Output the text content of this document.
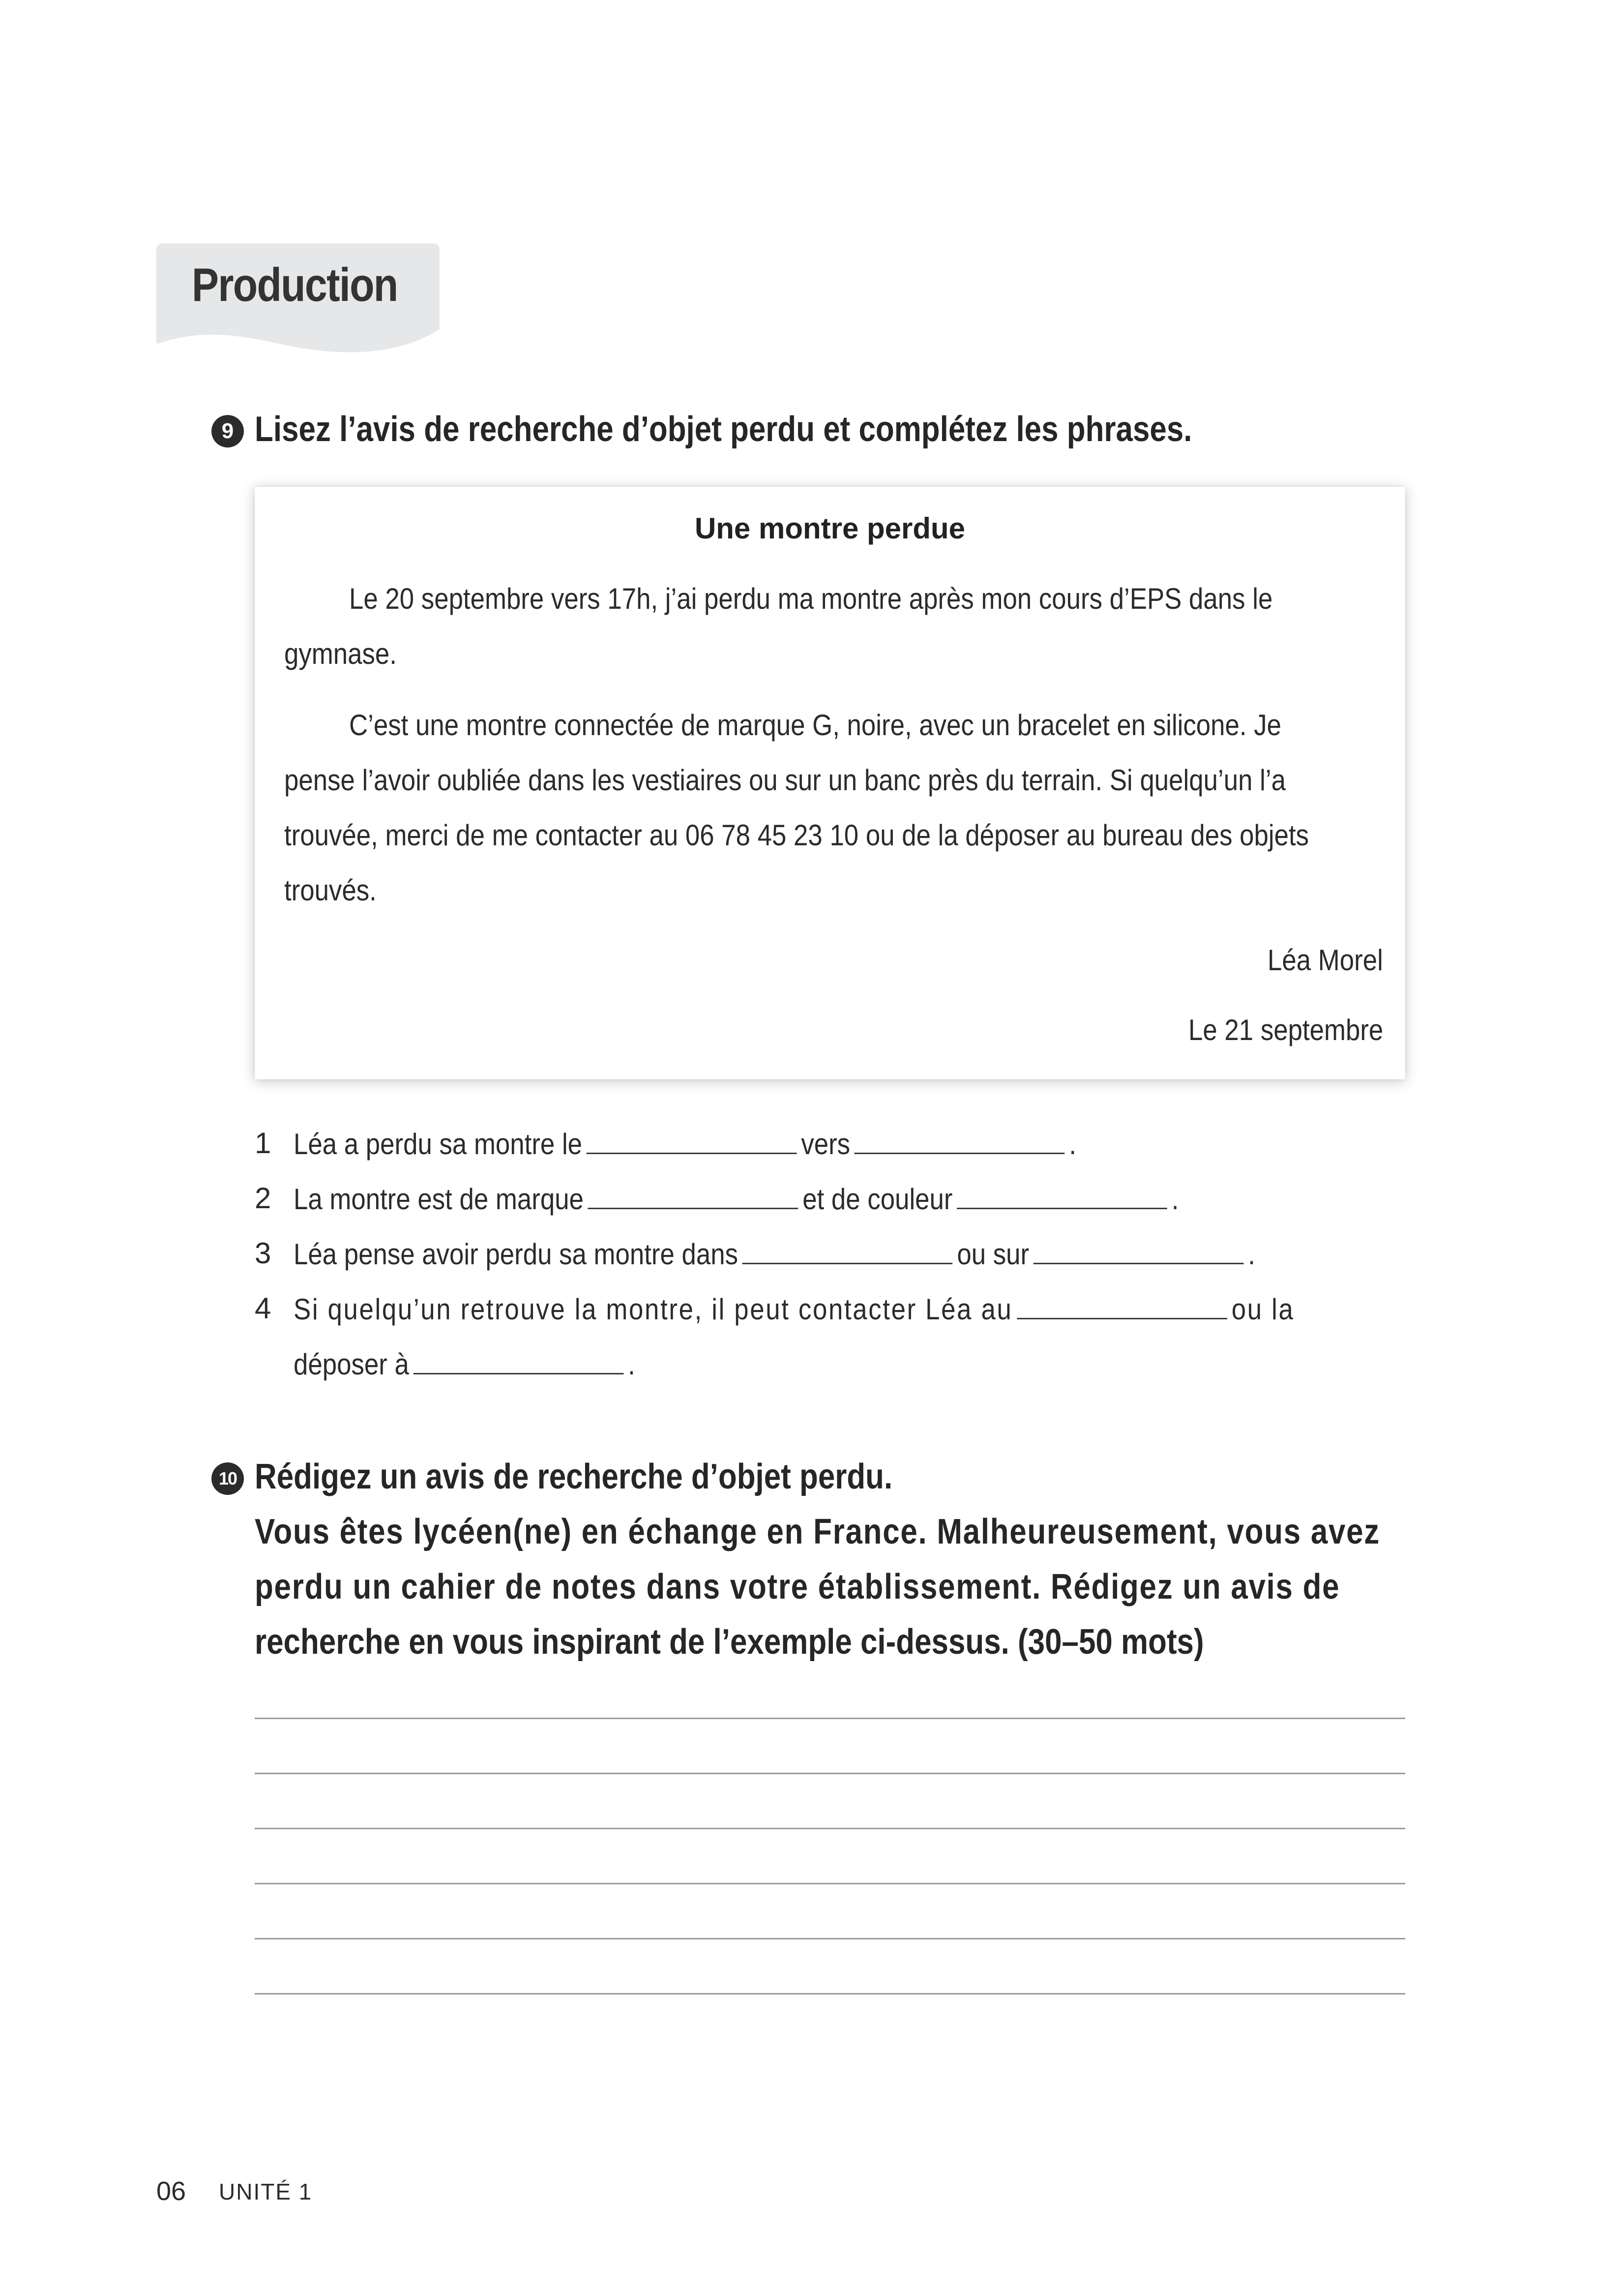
Production
9 Lisez l’avis de recherche d’objet perdu et complétez les phrases.
Une montre perdue
Le 20 septembre vers 17h, j’ai perdu ma montre après mon cours d’EPS dans le
gymnase.
C’est une montre connectée de marque G, noire, avec un bracelet en silicone. Je
pense l’avoir oubliée dans les vestiaires ou sur un banc près du terrain. Si quelqu’un l’a
trouvée, merci de me contacter au 06 78 45 23 10 ou de la déposer au bureau des objets
trouvés.
Léa Morel
Le 21 septembre
1 Léa a perdu sa montre le	vers	.
2 La montre est de marque	et de couleur	.
3 Léa pense avoir perdu sa montre dans	ou sur	.
4 Si quelqu’un retrouve la montre, il peut contacter Léa au	ou la
déposer à	.
10 Rédigez un avis de recherche d’objet perdu.
Vous êtes lycéen(ne) en échange en France. Malheureusement, vous avez
perdu un cahier de notes dans votre établissement. Rédigez un avis de
recherche en vous inspirant de l’exemple ci-dessus. (30–50 mots)
06 UNITÉ 1
